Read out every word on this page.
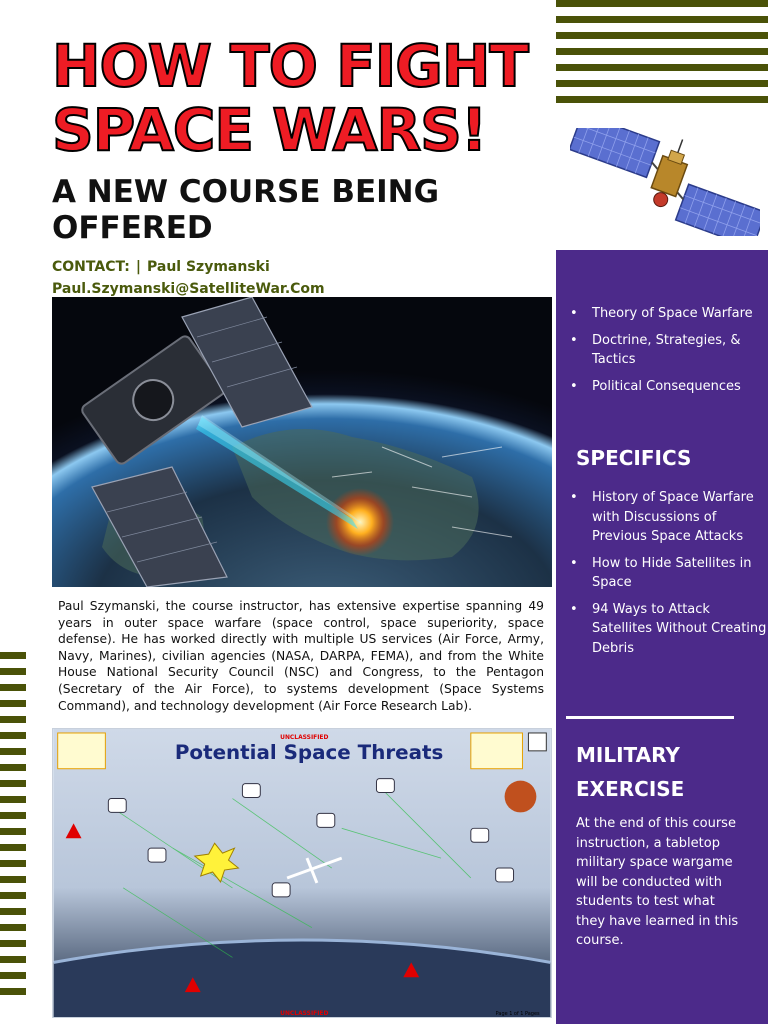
HOW TO FIGHT
SPACE WARS!
A NEW COURSE BEING
OFFERED
CONTACT: | Paul Szymanski
Paul.Szymanski@SatelliteWar.Com
Paul Szymanski, the course instructor, has extensive expertise spanning 49 years in outer space warfare (space control, space superiority, space defense). He has worked directly with multiple US services (Air Force, Army, Navy, Marines), civilian agencies (NASA, DARPA, FEMA), and from the White House National Security Council (NSC) and Congress, to the Pentagon (Secretary of the Air Force), to systems development (Space Systems Command), and technology development (Air Force Research Lab).
Potential Space Threats
UNCLASSIFIED
UNCLASSIFIED	Page 1 of 1 Pages
• Theory of Space Warfare
• Doctrine, Strategies, & Tactics
• Political Consequences
SPECIFICS
• History of Space Warfare with Discussions of Previous Space Attacks
• How to Hide Satellites in Space
• 94 Ways to Attack Satellites Without Creating Debris
MILITARY EXERCISE
At the end of this course instruction, a tabletop military space wargame will be conducted with students to test what they have learned in this course.
